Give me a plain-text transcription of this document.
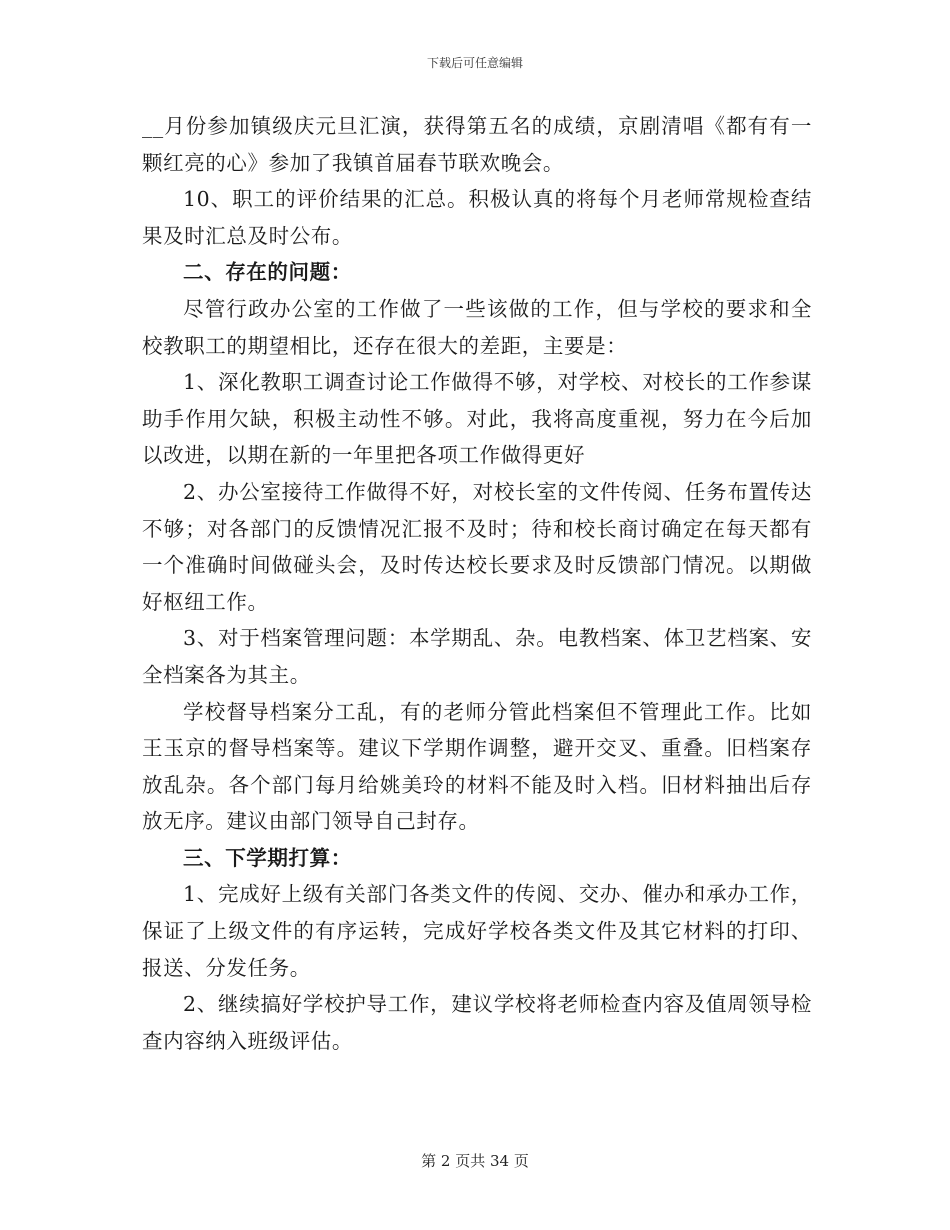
下载后可任意编辑

__月份参加镇级庆元旦汇演，获得第五名的成绩，京剧清唱《都有有一颗红亮的心》参加了我镇首届春节联欢晚会。

10、职工的评价结果的汇总。积极认真的将每个月老师常规检查结果及时汇总及时公布。

二、存在的问题：

尽管行政办公室的工作做了一些该做的工作，但与学校的要求和全校教职工的期望相比，还存在很大的差距，主要是：

1、深化教职工调查讨论工作做得不够，对学校、对校长的工作参谋助手作用欠缺，积极主动性不够。对此，我将高度重视，努力在今后加以改进，以期在新的一年里把各项工作做得更好

2、办公室接待工作做得不好，对校长室的文件传阅、任务布置传达不够；对各部门的反馈情况汇报不及时；待和校长商讨确定在每天都有一个准确时间做碰头会，及时传达校长要求及时反馈部门情况。以期做好枢纽工作。

3、对于档案管理问题：本学期乱、杂。电教档案、体卫艺档案、安全档案各为其主。

学校督导档案分工乱，有的老师分管此档案但不管理此工作。比如王玉京的督导档案等。建议下学期作调整，避开交叉、重叠。旧档案存放乱杂。各个部门每月给姚美玲的材料不能及时入档。旧材料抽出后存放无序。建议由部门领导自己封存。

三、下学期打算：

1、完成好上级有关部门各类文件的传阅、交办、催办和承办工作，保证了上级文件的有序运转，完成好学校各类文件及其它材料的打印、报送、分发任务。

2、继续搞好学校护导工作，建议学校将老师检查内容及值周领导检查内容纳入班级评估。

第 2 页共 34 页
